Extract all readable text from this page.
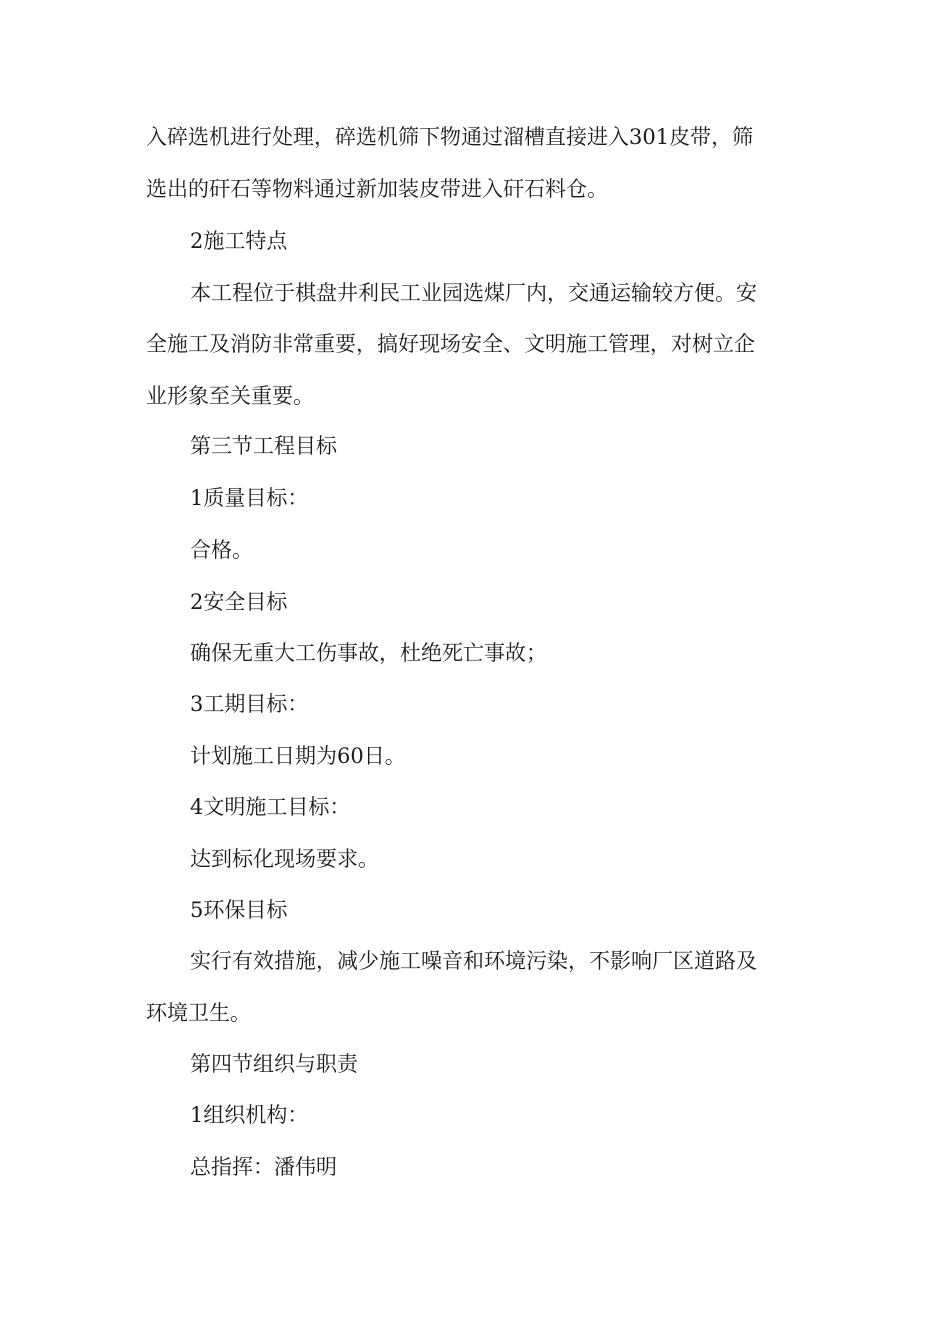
入碎选机进行处理，碎选机筛下物通过溜槽直接进入301皮带，筛
选出的矸石等物料通过新加装皮带进入矸石料仓。
2施工特点
本工程位于棋盘井利民工业园选煤厂内，交通运输较方便。安
全施工及消防非常重要，搞好现场安全、文明施工管理，对树立企
业形象至关重要。
第三节工程目标
1质量目标：
合格。
2安全目标
确保无重大工伤事故，杜绝死亡事故；
3工期目标：
计划施工日期为60日。
4文明施工目标：
达到标化现场要求。
5环保目标
实行有效措施，减少施工噪音和环境污染，不影响厂区道路及
环境卫生。
第四节组织与职责
1组织机构：
总指挥：潘伟明
